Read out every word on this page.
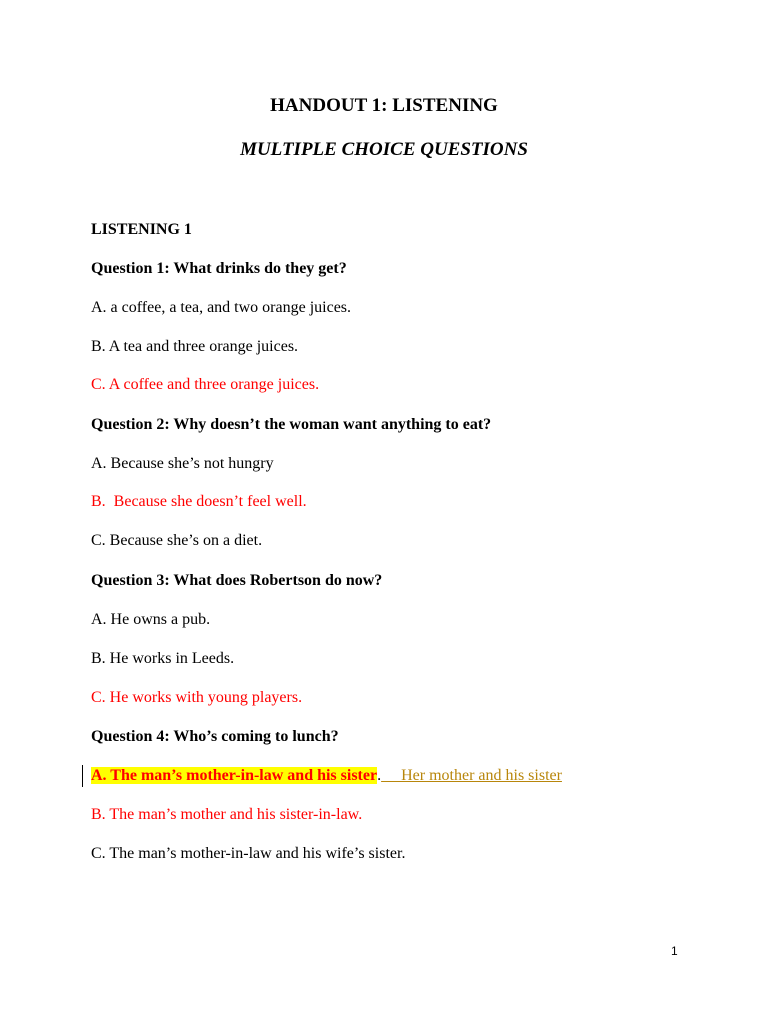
HANDOUT 1: LISTENING
MULTIPLE CHOICE QUESTIONS

LISTENING 1

Question 1: What drinks do they get?

A. a coffee, a tea, and two orange juices.

B. A tea and three orange juices.

C. A coffee and three orange juices.

Question 2: Why doesn’t the woman want anything to eat?

A. Because she’s not hungry

B.  Because she doesn’t feel well.

C. Because she’s on a diet.

Question 3: What does Robertson do now?

A. He owns a pub.

B. He works in Leeds.

C. He works with young players.

Question 4: Who’s coming to lunch?

A. The man’s mother-in-law and his sister.     Her mother and his sister

B. The man’s mother and his sister-in-law.

C. The man’s mother-in-law and his wife’s sister.

1
